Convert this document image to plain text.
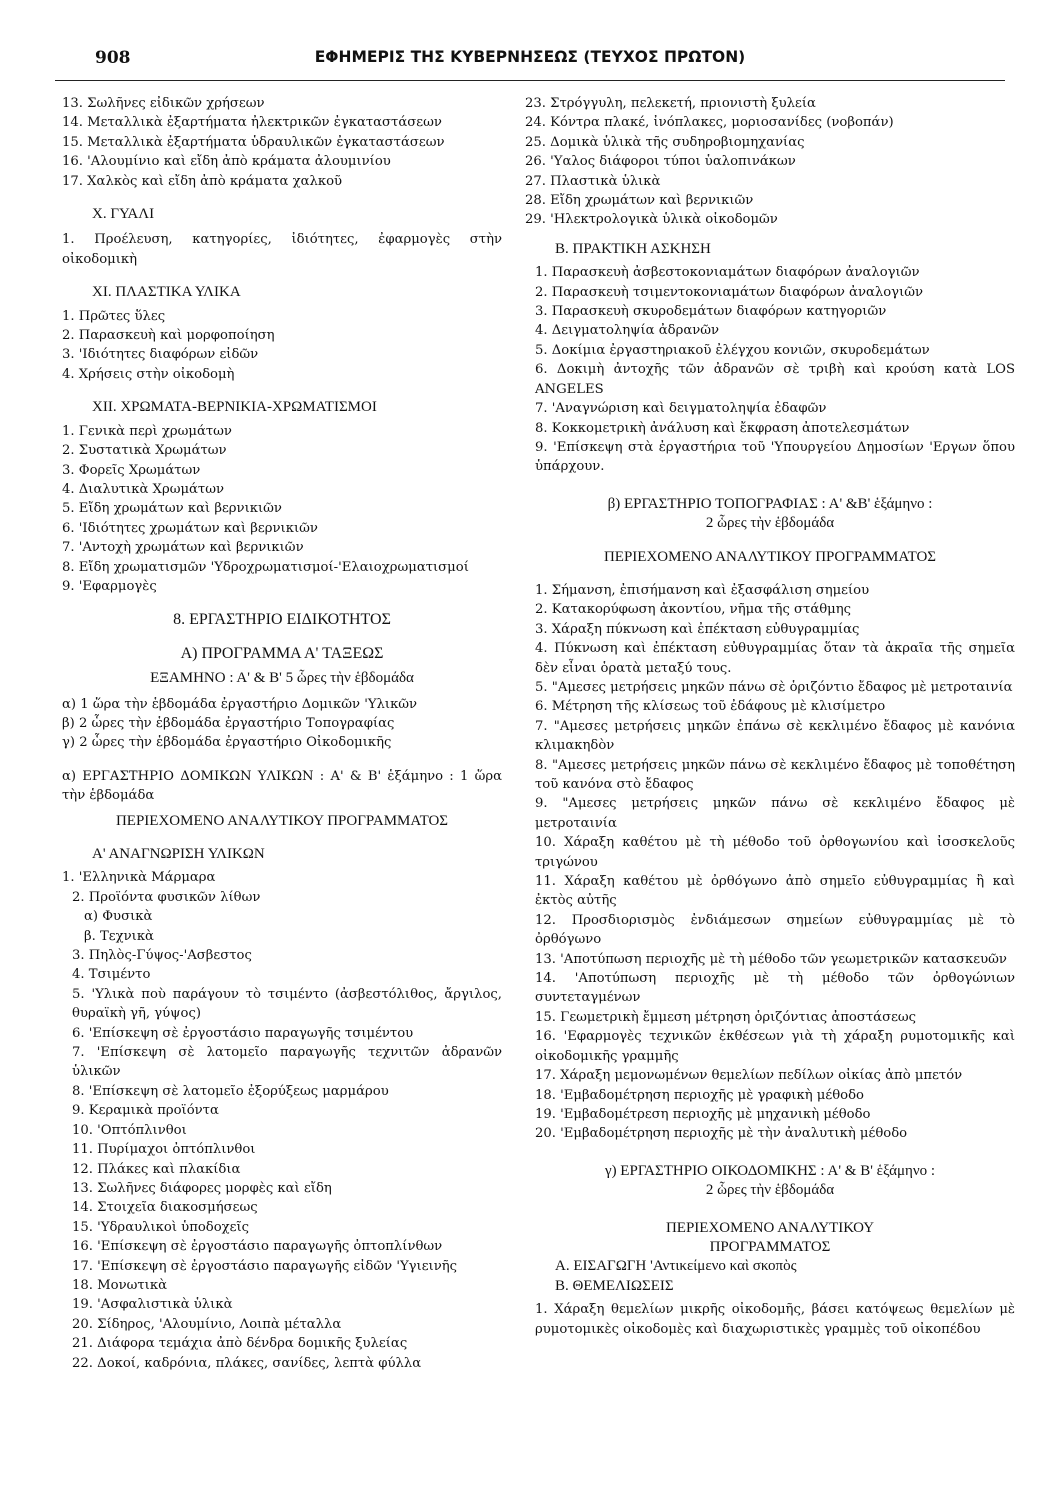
908	ΕΦΗΜΕΡΙΣ ΤΗΣ ΚΥΒΕΡΝΗΣΕΩΣ (ΤΕΥΧΟΣ ΠΡΩΤΟΝ)
13. Σωλῆνες εἰδικῶν χρήσεων
14. Μεταλλικὰ ἐξαρτήματα ἠλεκτρικῶν ἐγκαταστάσεων
15. Μεταλλικὰ ἐξαρτήματα ὑδραυλικῶν ἐγκαταστάσεων
16. 'Αλουμίνιο καὶ εἴδη ἀπὸ κράματα ἀλουμινίου
17. Χαλκὸς καὶ εἴδη ἀπὸ κράματα χαλκοῦ
Χ. ΓΥΑΛΙ
1. Προέλευση, κατηγορίες, ἰδιότητες, ἐφαρμογὲς στὴν οἰκοδομικὴ
ΧΙ. ΠΛΑΣΤΙΚΑ ΥΛΙΚΑ
1. Πρῶτες ὕλες
2. Παρασκευὴ καὶ μορφοποίηση
3. 'Ιδιότητες διαφόρων εἰδῶν
4. Χρήσεις στὴν οἰκοδομὴ
ΧΙΙ. ΧΡΩΜΑΤΑ-ΒΕΡΝΙΚΙΑ-ΧΡΩΜΑΤΙΣΜΟΙ
1. Γενικὰ περὶ χρωμάτων
2. Συστατικὰ Χρωμάτων
3. Φορεῖς Χρωμάτων
4. Διαλυτικὰ Χρωμάτων
5. Εἴδη χρωμάτων καὶ βερνικιῶν
6. 'Ιδιότητες χρωμάτων καὶ βερνικιῶν
7. 'Αντοχὴ χρωμάτων καὶ βερνικιῶν
8. Εἴδη χρωματισμῶν 'Υδροχρωματισμοί-'Ελαιοχρωματισμοί
9. 'Εφαρμογὲς
8. ΕΡΓΑΣΤΗΡΙΟ ΕΙΔΙΚΟΤΗΤΟΣ
Α) ΠΡΟΓΡΑΜΜΑ Α' ΤΑΞΕΩΣ
ΕΞΑΜΗΝΟ : Α' & Β' 5 ὧρες τὴν ἑβδομάδα
α) 1 ὥρα τὴν ἑβδομάδα ἐργαστήριο Δομικῶν 'Υλικῶν
β) 2 ὧρες τὴν ἑβδομάδα ἐργαστήριο Τοπογραφίας
γ) 2 ὧρες τὴν ἑβδομάδα ἐργαστήριο Οἰκοδομικῆς
α) ΕΡΓΑΣΤΗΡΙΟ ΔΟΜΙΚΩΝ ΥΛΙΚΩΝ : Α' & Β' ἑξάμηνο : 1 ὥρα τὴν ἑβδομάδα
ΠΕΡΙΕΧΟΜΕΝΟ ΑΝΑΛΥΤΙΚΟΥ ΠΡΟΓΡΑΜΜΑΤΟΣ
Α' ΑΝΑΓΝΩΡΙΣΗ ΥΛΙΚΩΝ
1. 'Ελληνικὰ Μάρμαρα
2. Προϊόντα φυσικῶν λίθων
α) Φυσικὰ
β. Τεχνικὰ
3. Πηλὸς-Γύψος-'Ασβεστος
4. Τσιμέντο
5. 'Υλικὰ ποὺ παράγουν τὸ τσιμέντο (ἀσβεστόλιθος, ἄργιλος, θυραϊκὴ γῆ, γύψος)
6. 'Επίσκεψη σὲ ἐργοστάσιο παραγωγῆς τσιμέντου
7. 'Επίσκεψη σὲ λατομεῖο παραγωγῆς τεχνιτῶν ἀδρανῶν ὑλικῶν
8. 'Επίσκεψη σὲ λατομεῖο ἐξορύξεως μαρμάρου
9. Κεραμικὰ προϊόντα
10. 'Οπτόπλινθοι
11. Πυρίμαχοι ὀπτόπλινθοι
12. Πλάκες καὶ πλακίδια
13. Σωλῆνες διάφορες μορφὲς καὶ εἴδη
14. Στοιχεῖα διακοσμήσεως
15. 'Υδραυλικοὶ ὑποδοχεῖς
16. 'Επίσκεψη σὲ ἐργοστάσιο παραγωγῆς ὀπτοπλίνθων
17. 'Επίσκεψη σὲ ἐργοστάσιο παραγωγῆς εἰδῶν 'Υγιεινῆς
18. Μονωτικὰ
19. 'Ασφαλιστικὰ ὑλικὰ
20. Σίδηρος, 'Αλουμίνιο, Λοιπὰ μέταλλα
21. Διάφορα τεμάχια ἀπὸ δένδρα δομικῆς ξυλείας
22. Δοκοί, καδρόνια, πλάκες, σανίδες, λεπτὰ φύλλα
23. Στρόγγυλη, πελεκετή, πριονιστὴ ξυλεία
24. Κόντρα πλακέ, ἰνόπλακες, μοριοσανίδες (νοβοπάν)
25. Δομικὰ ὑλικὰ τῆς συδηροβιομηχανίας
26. 'Υαλος διάφοροι τύποι ὑαλοπινάκων
27. Πλαστικὰ ὑλικὰ
28. Εἴδη χρωμάτων καὶ βερνικιῶν
29. 'Ηλεκτρολογικὰ ὑλικὰ οἰκοδομῶν
Β. ΠΡΑΚΤΙΚΗ ΑΣΚΗΣΗ
1. Παρασκευὴ ἀσβεστοκονιαμάτων διαφόρων ἀναλογιῶν
2. Παρασκευὴ τσιμεντοκονιαμάτων διαφόρων ἀναλογιῶν
3. Παρασκευὴ σκυροδεμάτων διαφόρων κατηγοριῶν
4. Δειγματοληψία ἀδρανῶν
5. Δοκίμια ἐργαστηριακοῦ ἐλέγχου κονιῶν, σκυροδεμάτων
6. Δοκιμὴ ἀντοχῆς τῶν ἀδρανῶν σὲ τριβὴ καὶ κρούση κατὰ LOS ANGELES
7. 'Αναγνώριση καὶ δειγματοληψία ἐδαφῶν
8. Κοκκομετρικὴ ἀνάλυση καὶ ἔκφραση ἀποτελεσμάτων
9. 'Επίσκεψη στὰ ἐργαστήρια τοῦ 'Υπουργείου Δημοσίων 'Εργων ὅπου ὑπάρχουν.
β) ΕΡΓΑΣΤΗΡΙΟ ΤΟΠΟΓΡΑΦΙΑΣ : Α' &Β' ἑξάμηνο :
2 ὧρες τὴν ἑβδομάδα
ΠΕΡΙΕΧΟΜΕΝΟ ΑΝΑΛΥΤΙΚΟΥ ΠΡΟΓΡΑΜΜΑΤΟΣ
1. Σήμανση, ἐπισήμανση καὶ ἐξασφάλιση σημείου
2. Κατακορύφωση ἀκοντίου, νῆμα τῆς στάθμης
3. Χάραξη πύκνωση καὶ ἐπέκταση εὐθυγραμμίας
4. Πύκνωση καὶ ἐπέκταση εὐθυγραμμίας ὅταν τὰ ἀκραῖα τῆς σημεῖα δὲν εἶναι ὁρατὰ μεταξύ τους.
5. "Αμεσες μετρήσεις μηκῶν πάνω σὲ ὁριζόντιο ἔδαφος μὲ μετροταινία
6. Μέτρηση τῆς κλίσεως τοῦ ἐδάφους μὲ κλισίμετρο
7. "Αμεσες μετρήσεις μηκῶν ἐπάνω σὲ κεκλιμένο ἔδαφος μὲ κανόνια κλιμακηδὸν
8. "Αμεσες μετρήσεις μηκῶν πάνω σὲ κεκλιμένο ἔδαφος μὲ τοποθέτηση τοῦ κανόνα στὸ ἔδαφος
9. "Αμεσες μετρήσεις μηκῶν πάνω σὲ κεκλιμένο ἔδαφος μὲ μετροταινία
10. Χάραξη καθέτου μὲ τὴ μέθοδο τοῦ ὀρθογωνίου καὶ ἰσοσκελοῦς τριγώνου
11. Χάραξη καθέτου μὲ ὀρθόγωνο ἀπὸ σημεῖο εὐθυγραμμίας ἢ καὶ ἐκτὸς αὐτῆς
12. Προσδιορισμὸς ἐνδιάμεσων σημείων εὐθυγραμμίας μὲ τὸ ὀρθόγωνο
13. 'Αποτύπωση περιοχῆς μὲ τὴ μέθοδο τῶν γεωμετρικῶν κατασκευῶν
14. 'Αποτύπωση περιοχῆς μὲ τὴ μέθοδο τῶν ὀρθογώνιων συντεταγμένων
15. Γεωμετρικὴ ἔμμεση μέτρηση ὁριζόντιας ἀποστάσεως
16. 'Εφαρμογὲς τεχνικῶν ἐκθέσεων γιὰ τὴ χάραξη ρυμοτομικῆς καὶ οἰκοδομικῆς γραμμῆς
17. Χάραξη μεμονωμένων θεμελίων πεδίλων οἰκίας ἀπὸ μπετόν
18. 'Εμβαδομέτρηση περιοχῆς μὲ γραφικὴ μέθοδο
19. 'Εμβαδομέτρεση περιοχῆς μὲ μηχανικὴ μέθοδο
20. 'Εμβαδομέτρηση περιοχῆς μὲ τὴν ἀναλυτικὴ μέθοδο
γ) ΕΡΓΑΣΤΗΡΙΟ ΟΙΚΟΔΟΜΙΚΗΣ : Α' & Β' ἑξάμηνο :
2 ὧρες τὴν ἑβδομάδα
ΠΕΡΙΕΧΟΜΕΝΟ ΑΝΑΛΥΤΙΚΟΥ
ΠΡΟΓΡΑΜΜΑΤΟΣ
Α. ΕΙΣΑΓΩΓΗ 'Αντικείμενο καὶ σκοπὸς
Β. ΘΕΜΕΛΙΩΣΕΙΣ
1. Χάραξη θεμελίων μικρῆς οἰκοδομῆς, βάσει κατόψεως θεμελίων μὲ ρυμοτομικὲς οἰκοδομὲς καὶ διαχωριστικὲς γραμμὲς τοῦ οἰκοπέδου
